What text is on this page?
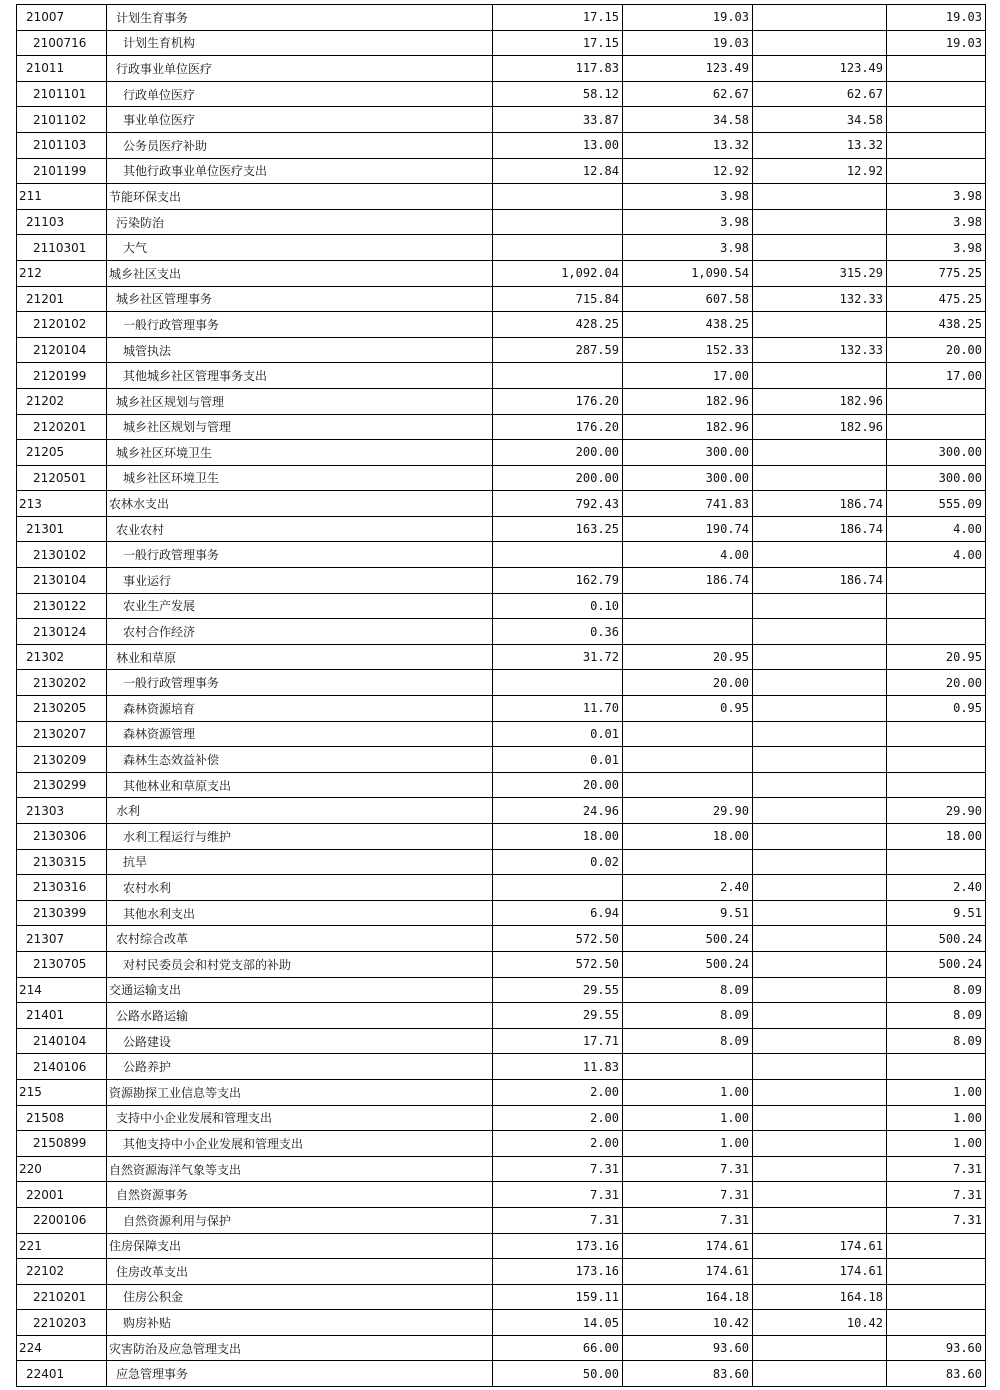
21007	计划生育事务	17.15	19.03		19.03
2100716	计划生育机构	17.15	19.03		19.03
21011	行政事业单位医疗	117.83	123.49	123.49	
2101101	行政单位医疗	58.12	62.67	62.67	
2101102	事业单位医疗	33.87	34.58	34.58	
2101103	公务员医疗补助	13.00	13.32	13.32	
2101199	其他行政事业单位医疗支出	12.84	12.92	12.92	
211	节能环保支出		3.98		3.98
21103	污染防治		3.98		3.98
2110301	大气		3.98		3.98
212	城乡社区支出	1,092.04	1,090.54	315.29	775.25
21201	城乡社区管理事务	715.84	607.58	132.33	475.25
2120102	一般行政管理事务	428.25	438.25		438.25
2120104	城管执法	287.59	152.33	132.33	20.00
2120199	其他城乡社区管理事务支出		17.00		17.00
21202	城乡社区规划与管理	176.20	182.96	182.96	
2120201	城乡社区规划与管理	176.20	182.96	182.96	
21205	城乡社区环境卫生	200.00	300.00		300.00
2120501	城乡社区环境卫生	200.00	300.00		300.00
213	农林水支出	792.43	741.83	186.74	555.09
21301	农业农村	163.25	190.74	186.74	4.00
2130102	一般行政管理事务		4.00		4.00
2130104	事业运行	162.79	186.74	186.74	
2130122	农业生产发展	0.10			
2130124	农村合作经济	0.36			
21302	林业和草原	31.72	20.95		20.95
2130202	一般行政管理事务		20.00		20.00
2130205	森林资源培育	11.70	0.95		0.95
2130207	森林资源管理	0.01			
2130209	森林生态效益补偿	0.01			
2130299	其他林业和草原支出	20.00			
21303	水利	24.96	29.90		29.90
2130306	水利工程运行与维护	18.00	18.00		18.00
2130315	抗旱	0.02			
2130316	农村水利		2.40		2.40
2130399	其他水利支出	6.94	9.51		9.51
21307	农村综合改革	572.50	500.24		500.24
2130705	对村民委员会和村党支部的补助	572.50	500.24		500.24
214	交通运输支出	29.55	8.09		8.09
21401	公路水路运输	29.55	8.09		8.09
2140104	公路建设	17.71	8.09		8.09
2140106	公路养护	11.83			
215	资源勘探工业信息等支出	2.00	1.00		1.00
21508	支持中小企业发展和管理支出	2.00	1.00		1.00
2150899	其他支持中小企业发展和管理支出	2.00	1.00		1.00
220	自然资源海洋气象等支出	7.31	7.31		7.31
22001	自然资源事务	7.31	7.31		7.31
2200106	自然资源利用与保护	7.31	7.31		7.31
221	住房保障支出	173.16	174.61	174.61	
22102	住房改革支出	173.16	174.61	174.61	
2210201	住房公积金	159.11	164.18	164.18	
2210203	购房补贴	14.05	10.42	10.42	
224	灾害防治及应急管理支出	66.00	93.60		93.60
22401	应急管理事务	50.00	83.60		83.60
